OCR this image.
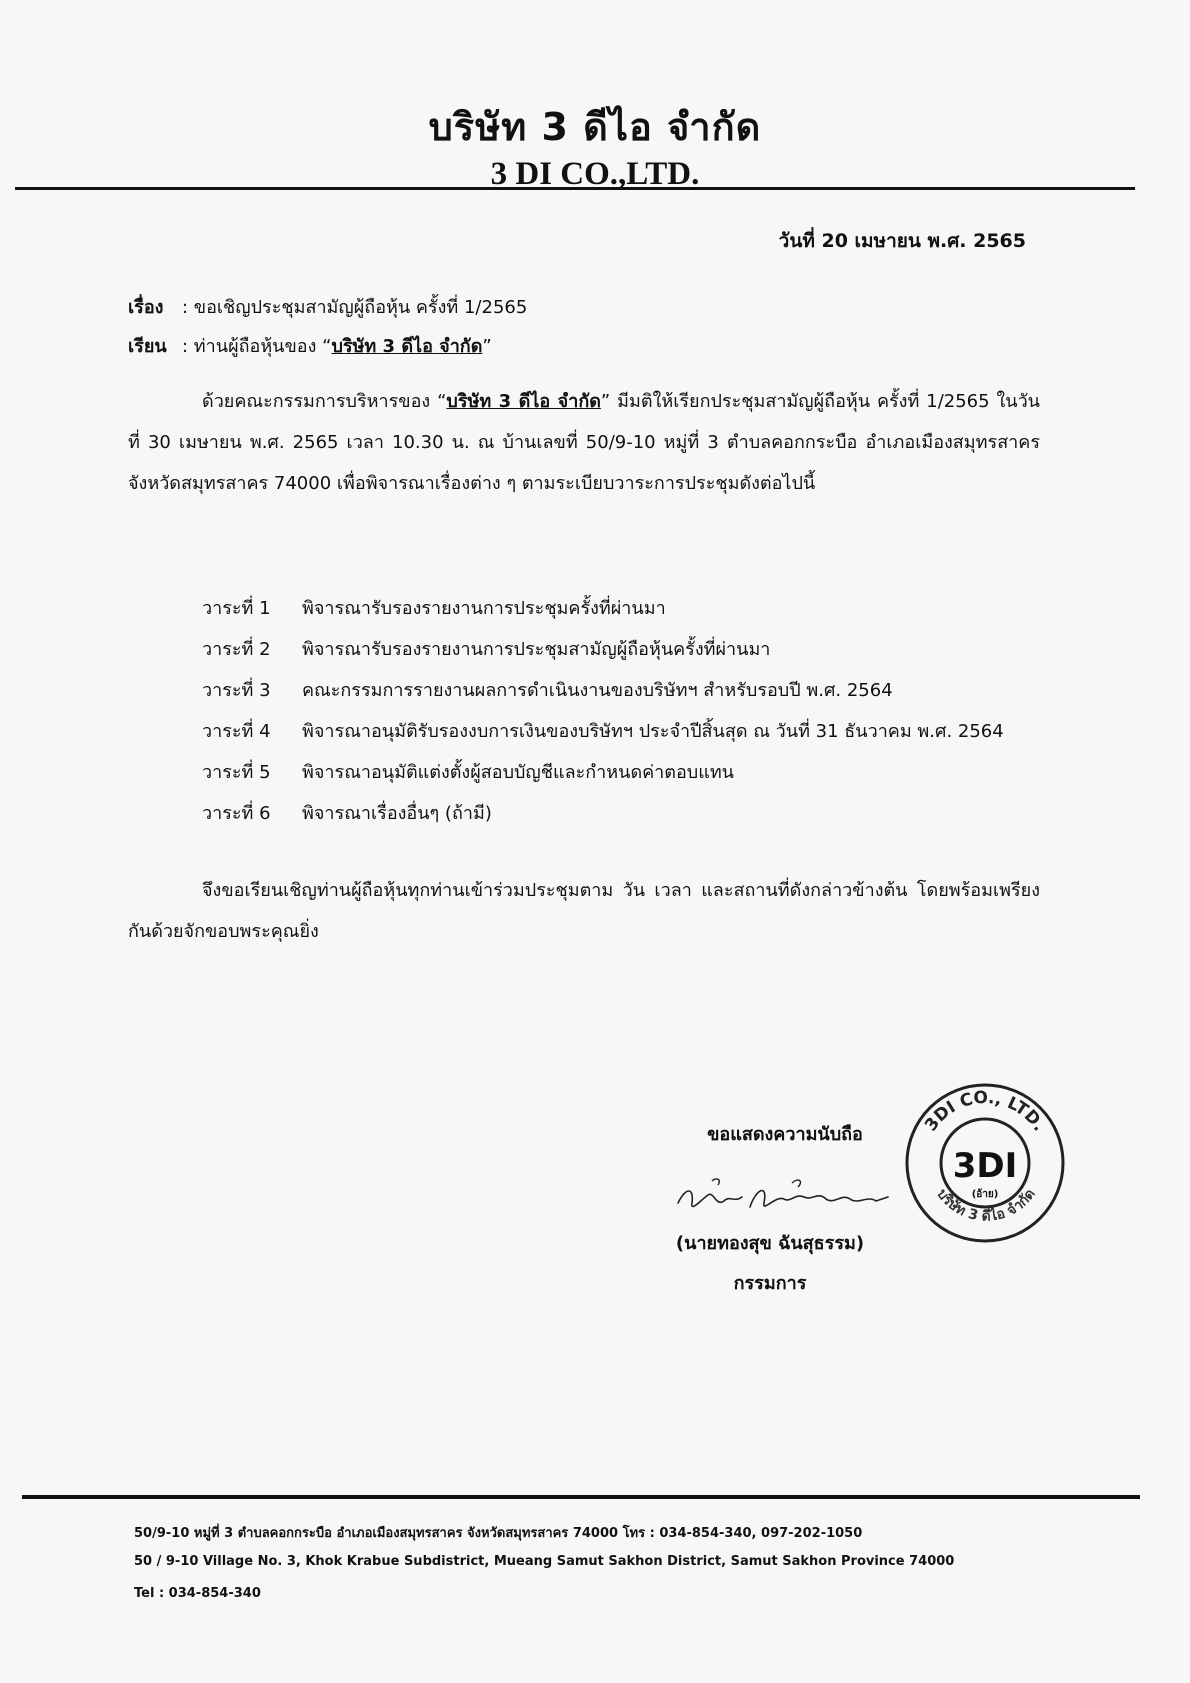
บริษัท 3 ดีไอ จำกัด
3 DI CO.,LTD.
วันที่ 20 เมษายน พ.ศ. 2565
เรื่อง : ขอเชิญประชุมสามัญผู้ถือหุ้น ครั้งที่ 1/2565
เรียน : ท่านผู้ถือหุ้นของ “บริษัท 3 ดีไอ จำกัด”
ด้วยคณะกรรมการบริหารของ “บริษัท 3 ดีไอ จำกัด” มีมติให้เรียกประชุมสามัญผู้ถือหุ้น ครั้งที่ 1/2565 ในวันที่ 30 เมษายน พ.ศ. 2565 เวลา 10.30 น. ณ บ้านเลขที่ 50/9-10 หมู่ที่ 3 ตำบลคอกกระบือ อำเภอเมืองสมุทรสาคร จังหวัดสมุทรสาคร 74000 เพื่อพิจารณาเรื่องต่าง ๆ ตามระเบียบวาระการประชุมดังต่อไปนี้
วาระที่ 1 พิจารณารับรองรายงานการประชุมครั้งที่ผ่านมา
วาระที่ 2 พิจารณารับรองรายงานการประชุมสามัญผู้ถือหุ้นครั้งที่ผ่านมา
วาระที่ 3 คณะกรรมการรายงานผลการดำเนินงานของบริษัทฯ สำหรับรอบปี พ.ศ. 2564
วาระที่ 4 พิจารณาอนุมัติรับรองงบการเงินของบริษัทฯ ประจำปีสิ้นสุด ณ วันที่ 31 ธันวาคม พ.ศ. 2564
วาระที่ 5 พิจารณาอนุมัติแต่งตั้งผู้สอบบัญชีและกำหนดค่าตอบแทน
วาระที่ 6 พิจารณาเรื่องอื่นๆ (ถ้ามี)
จึงขอเรียนเชิญท่านผู้ถือหุ้นทุกท่านเข้าร่วมประชุมตาม วัน เวลา และสถานที่ดังกล่าวข้างต้น โดยพร้อมเพรียงกันด้วยจักขอบพระคุณยิ่ง
ขอแสดงความนับถือ
(นายทองสุข ฉันสุธรรม)
กรรมการ
3DI CO., LTD.
บริษัท 3 ดีไอ จำกัด
3DI
(อ้าย)
50/9-10 หมู่ที่ 3 ตำบลคอกกระบือ อำเภอเมืองสมุทรสาคร จังหวัดสมุทรสาคร 74000 โทร : 034-854-340, 097-202-1050
50 / 9-10 Village No. 3, Khok Krabue Subdistrict, Mueang Samut Sakhon District, Samut Sakhon Province 74000
Tel : 034-854-340
